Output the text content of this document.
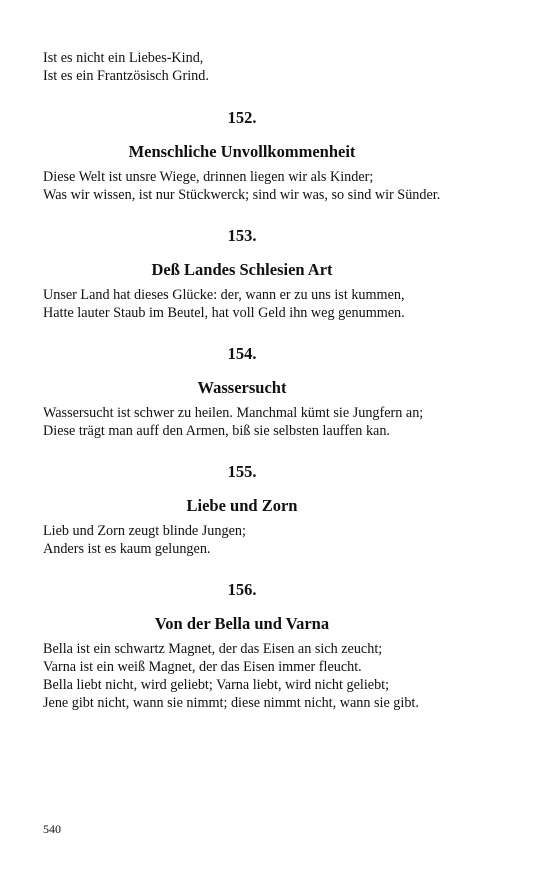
Ist es nicht ein Liebes-Kind,

Ist es ein Frantzösisch Grind.

152.
Menschliche Unvollkommenheit

Diese Welt ist unsre Wiege, drinnen liegen wir als Kinder;

Was wir wissen, ist nur Stückwerck; sind wir was, so sind wir Sünder.

153.
Deß Landes Schlesien Art

Unser Land hat dieses Glücke: der, wann er zu uns ist kummen,

Hatte lauter Staub im Beutel, hat voll Geld ihn weg genummen.

154.
Wassersucht

Wassersucht ist schwer zu heilen. Manchmal kümt sie Jungfern an;

Diese trägt man auff den Armen, biß sie selbsten lauffen kan.

155.
Liebe und Zorn

Lieb und Zorn zeugt blinde Jungen;

Anders ist es kaum gelungen.

156.
Von der Bella und Varna

Bella ist ein schwartz Magnet, der das Eisen an sich zeucht;

Varna ist ein weiß Magnet, der das Eisen immer fleucht.

Bella liebt nicht, wird geliebt; Varna liebt, wird nicht geliebt;

Jene gibt nicht, wann sie nimmt; diese nimmt nicht, wann sie gibt.

540
